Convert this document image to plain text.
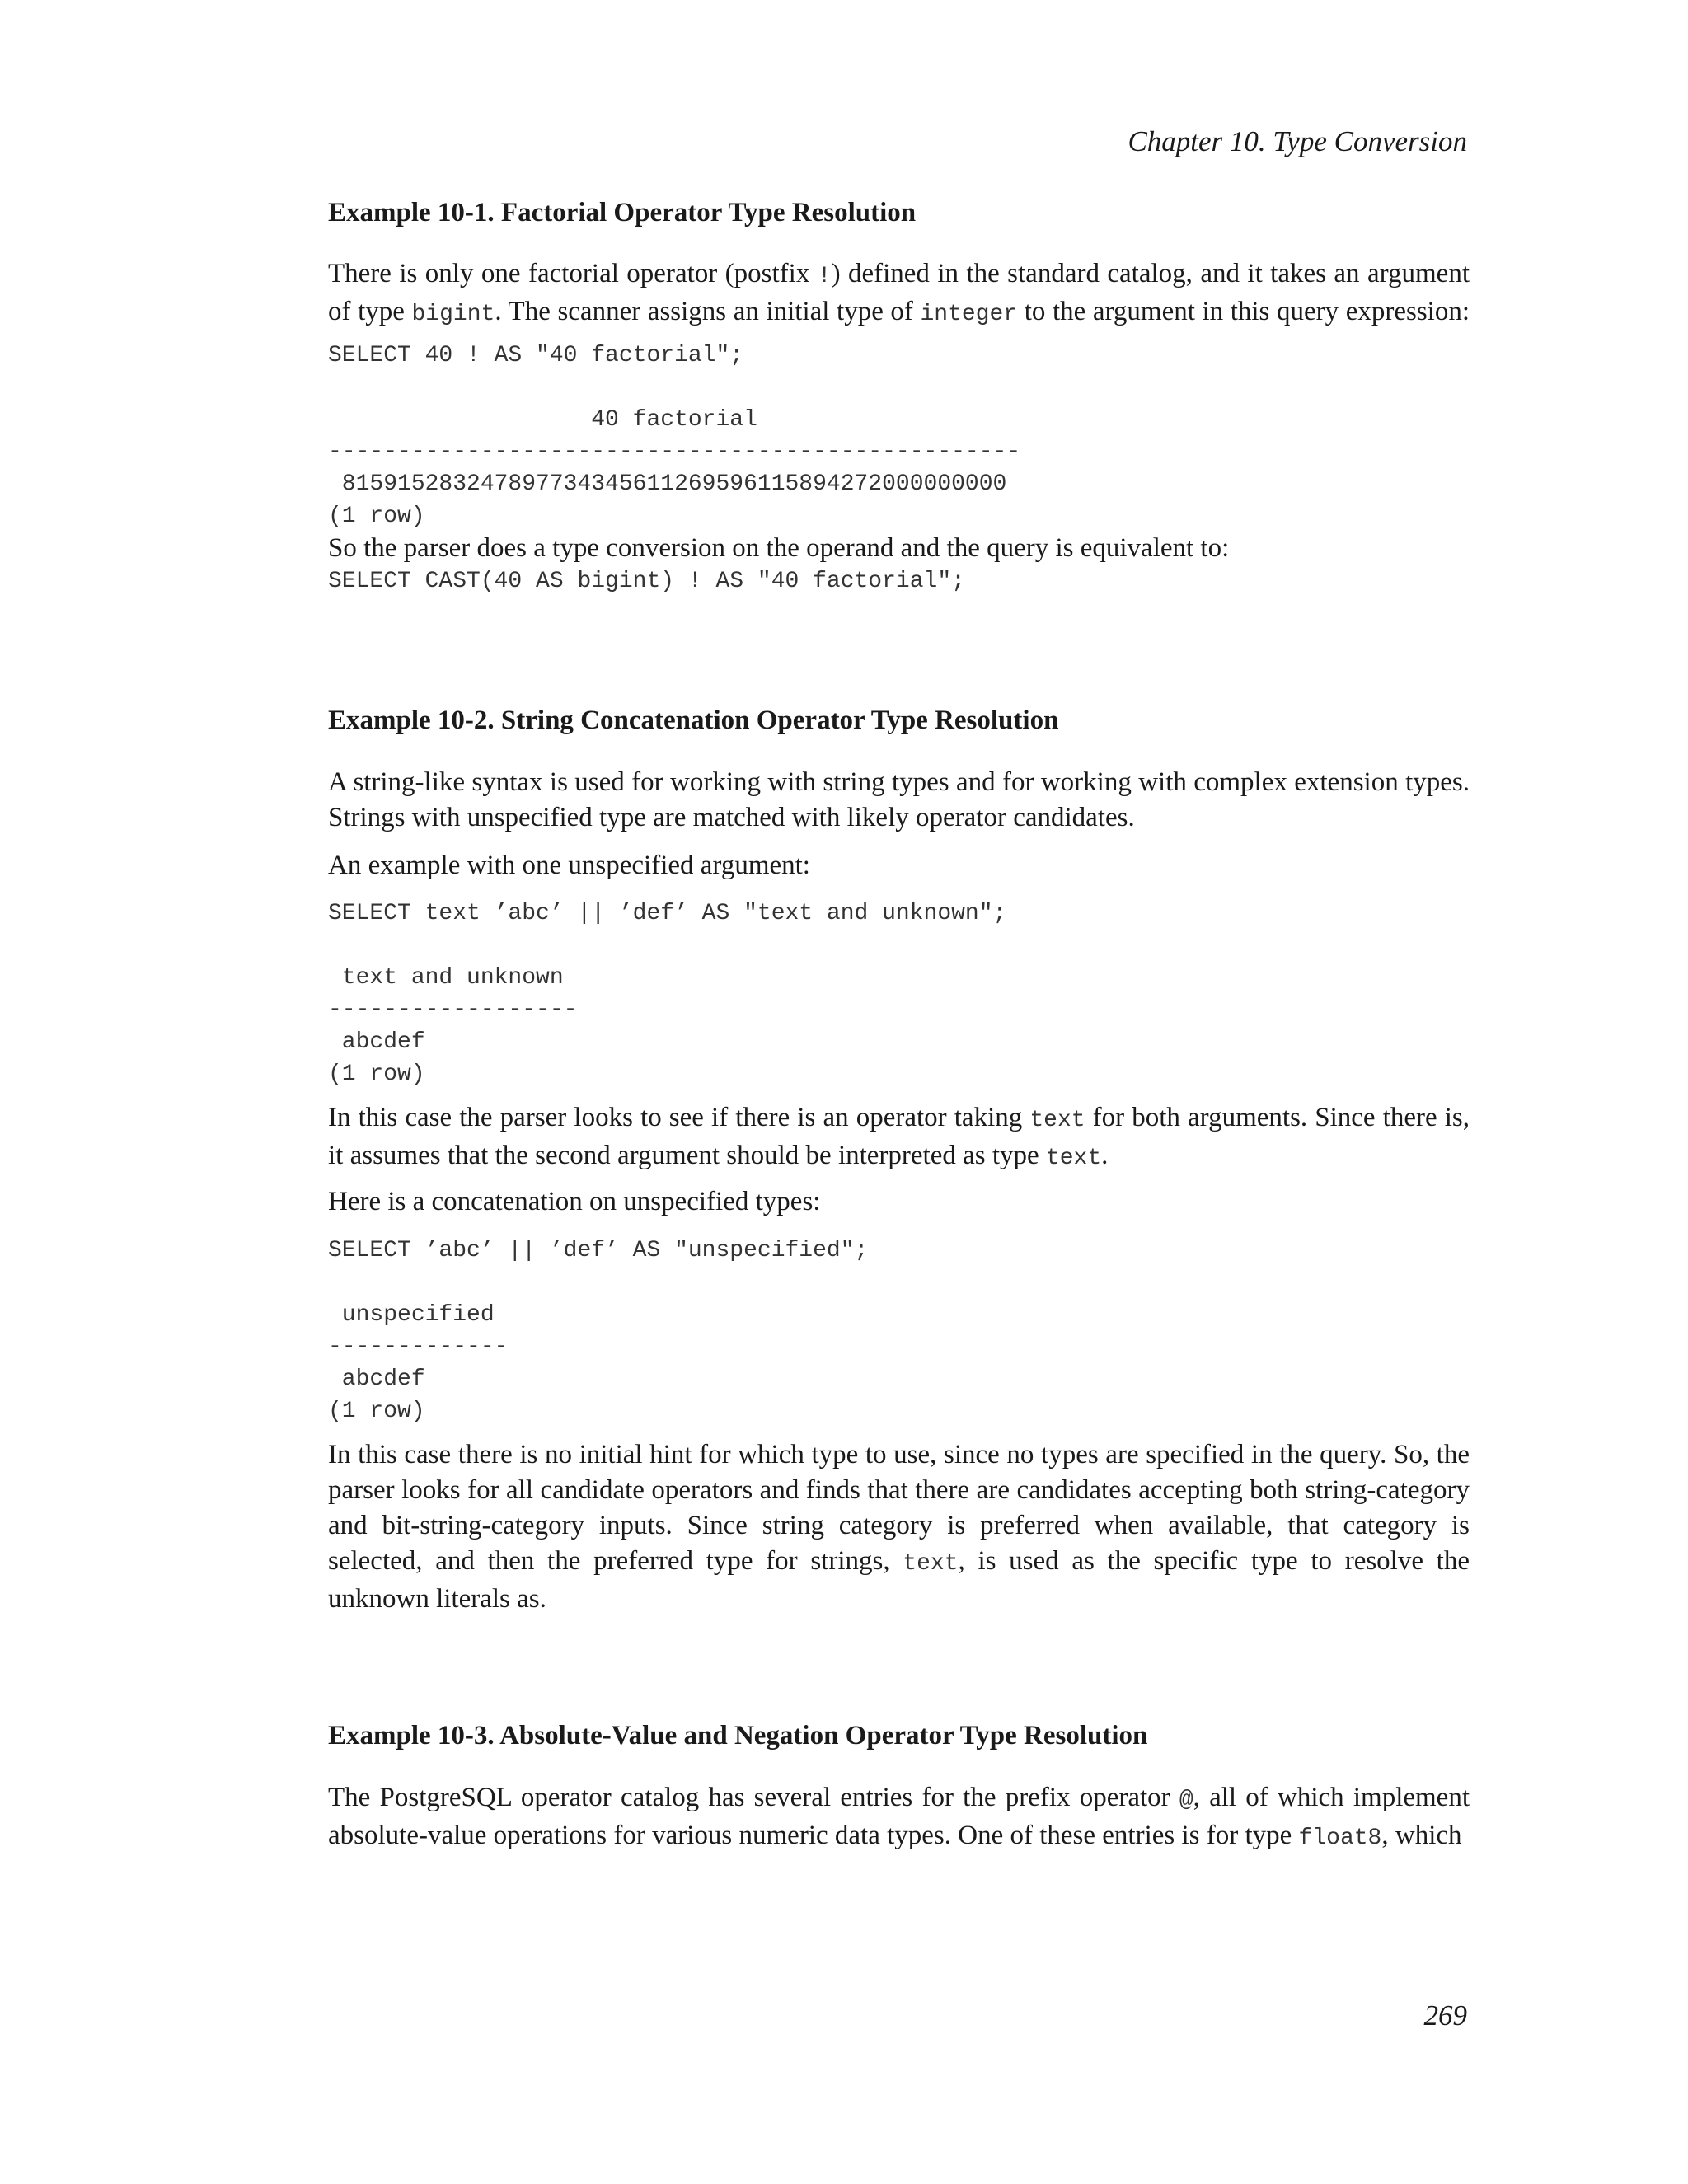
Chapter 10. Type Conversion
Example 10-1. Factorial Operator Type Resolution
There is only one factorial operator (postfix !) defined in the standard catalog, and it takes an argument
of type bigint. The scanner assigns an initial type of integer to the argument in this query expression:
SELECT 40 ! AS "40 factorial";

40 factorial
--------------------------------------------------
815915283247897734345611269596115894272000000000
(1 row)
So the parser does a type conversion on the operand and the query is equivalent to:
SELECT CAST(40 AS bigint) ! AS "40 factorial";
Example 10-2. String Concatenation Operator Type Resolution
A string-like syntax is used for working with string types and for working with complex extension types. Strings with unspecified type are matched with likely operator candidates.
An example with one unspecified argument:
SELECT text ’abc’ || ’def’ AS "text and unknown";

text and unknown
------------------
abcdef
(1 row)
In this case the parser looks to see if there is an operator taking text for both arguments. Since there is, it assumes that the second argument should be interpreted as type text.
Here is a concatenation on unspecified types:
SELECT ’abc’ || ’def’ AS "unspecified";

unspecified
-------------
abcdef
(1 row)
In this case there is no initial hint for which type to use, since no types are specified in the query. So, the parser looks for all candidate operators and finds that there are candidates accepting both string-category and bit-string-category inputs. Since string category is preferred when available, that category is selected, and then the preferred type for strings, text, is used as the specific type to resolve the unknown literals as.
Example 10-3. Absolute-Value and Negation Operator Type Resolution
The PostgreSQL operator catalog has several entries for the prefix operator @, all of which implement absolute-value operations for various numeric data types. One of these entries is for type float8, which
269
